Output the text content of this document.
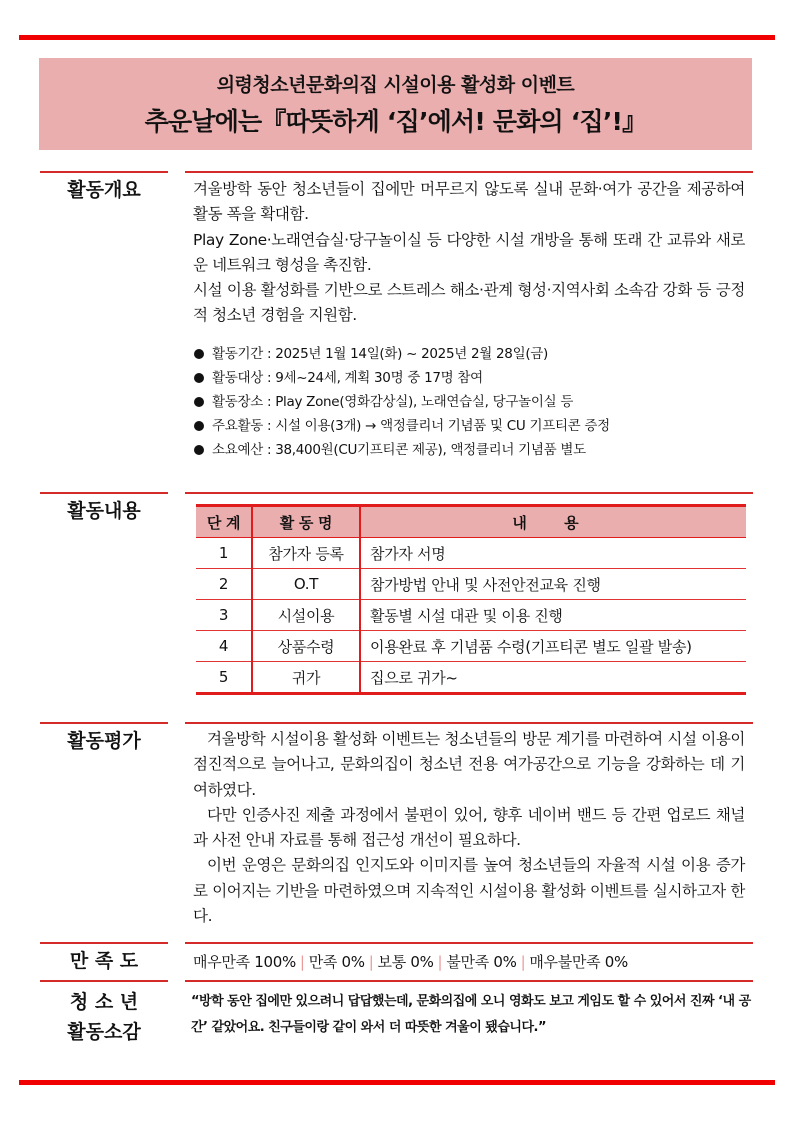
의령청소년문화의집 시설이용 활성화 이벤트
추운날에는『따뜻하게 ‘집’에서! 문화의 ‘집’!』
활동개요	겨울방학 동안 청소년들이 집에만 머무르지 않도록 실내 문화·여가 공간을 제공하여 활동 폭을 확대함.

Play Zone·노래연습실·당구놀이실 등 다양한 시설 개방을 통해 또래 간 교류와 새로운 네트워크 형성을 촉진함.

시설 이용 활성화를 기반으로 스트레스 해소·관계 형성·지역사회 소속감 강화 등 긍정적 청소년 경험을 지원함.

활동기간 : 2025년 1월 14일(화) ~ 2025년 2월 28일(금)
활동대상 : 9세~24세, 계획 30명 중 17명 참여
활동장소 : Play Zone(영화감상실), 노래연습실, 당구놀이실 등
주요활동 : 시설 이용(3개) → 액정클리너 기념품 및 CU 기프티콘 증정
소요예산 : 38,400원(CU기프티콘 제공), 액정클리너 기념품 별도
활동내용
단 계	활 동 명	내 용
1	참가자 등록	참가자 서명
2	O.T	참가방법 안내 및 사전안전교육 진행
3	시설이용	활동별 시설 대관 및 이용 진행
4	상품수령	이용완료 후 기념품 수령(기프티콘 별도 일괄 발송)
5	귀가	집으로 귀가~
활동평가	겨울방학 시설이용 활성화 이벤트는 청소년들의 방문 계기를 마련하여 시설 이용이 점진적으로 늘어나고, 문화의집이 청소년 전용 여가공간으로 기능을 강화하는 데 기여하였다.

다만 인증사진 제출 과정에서 불편이 있어, 향후 네이버 밴드 등 간편 업로드 채널과 사전 안내 자료를 통해 접근성 개선이 필요하다.

이번 운영은 문화의집 인지도와 이미지를 높여 청소년들의 자율적 시설 이용 증가로 이어지는 기반을 마련하였으며 지속적인 시설이용 활성화 이벤트를 실시하고자 한다.

만 족 도	매우만족 100% | 만족 0% | 보통 0% | 불만족 0% | 매우불만족 0%
청 소 년
활동소감
“방학 동안 집에만 있으려니 답답했는데, 문화의집에 오니 영화도 보고 게임도 할 수 있어서 진짜 ‘내 공간’ 같았어요. 친구들이랑 같이 와서 더 따뜻한 겨울이 됐습니다.”
